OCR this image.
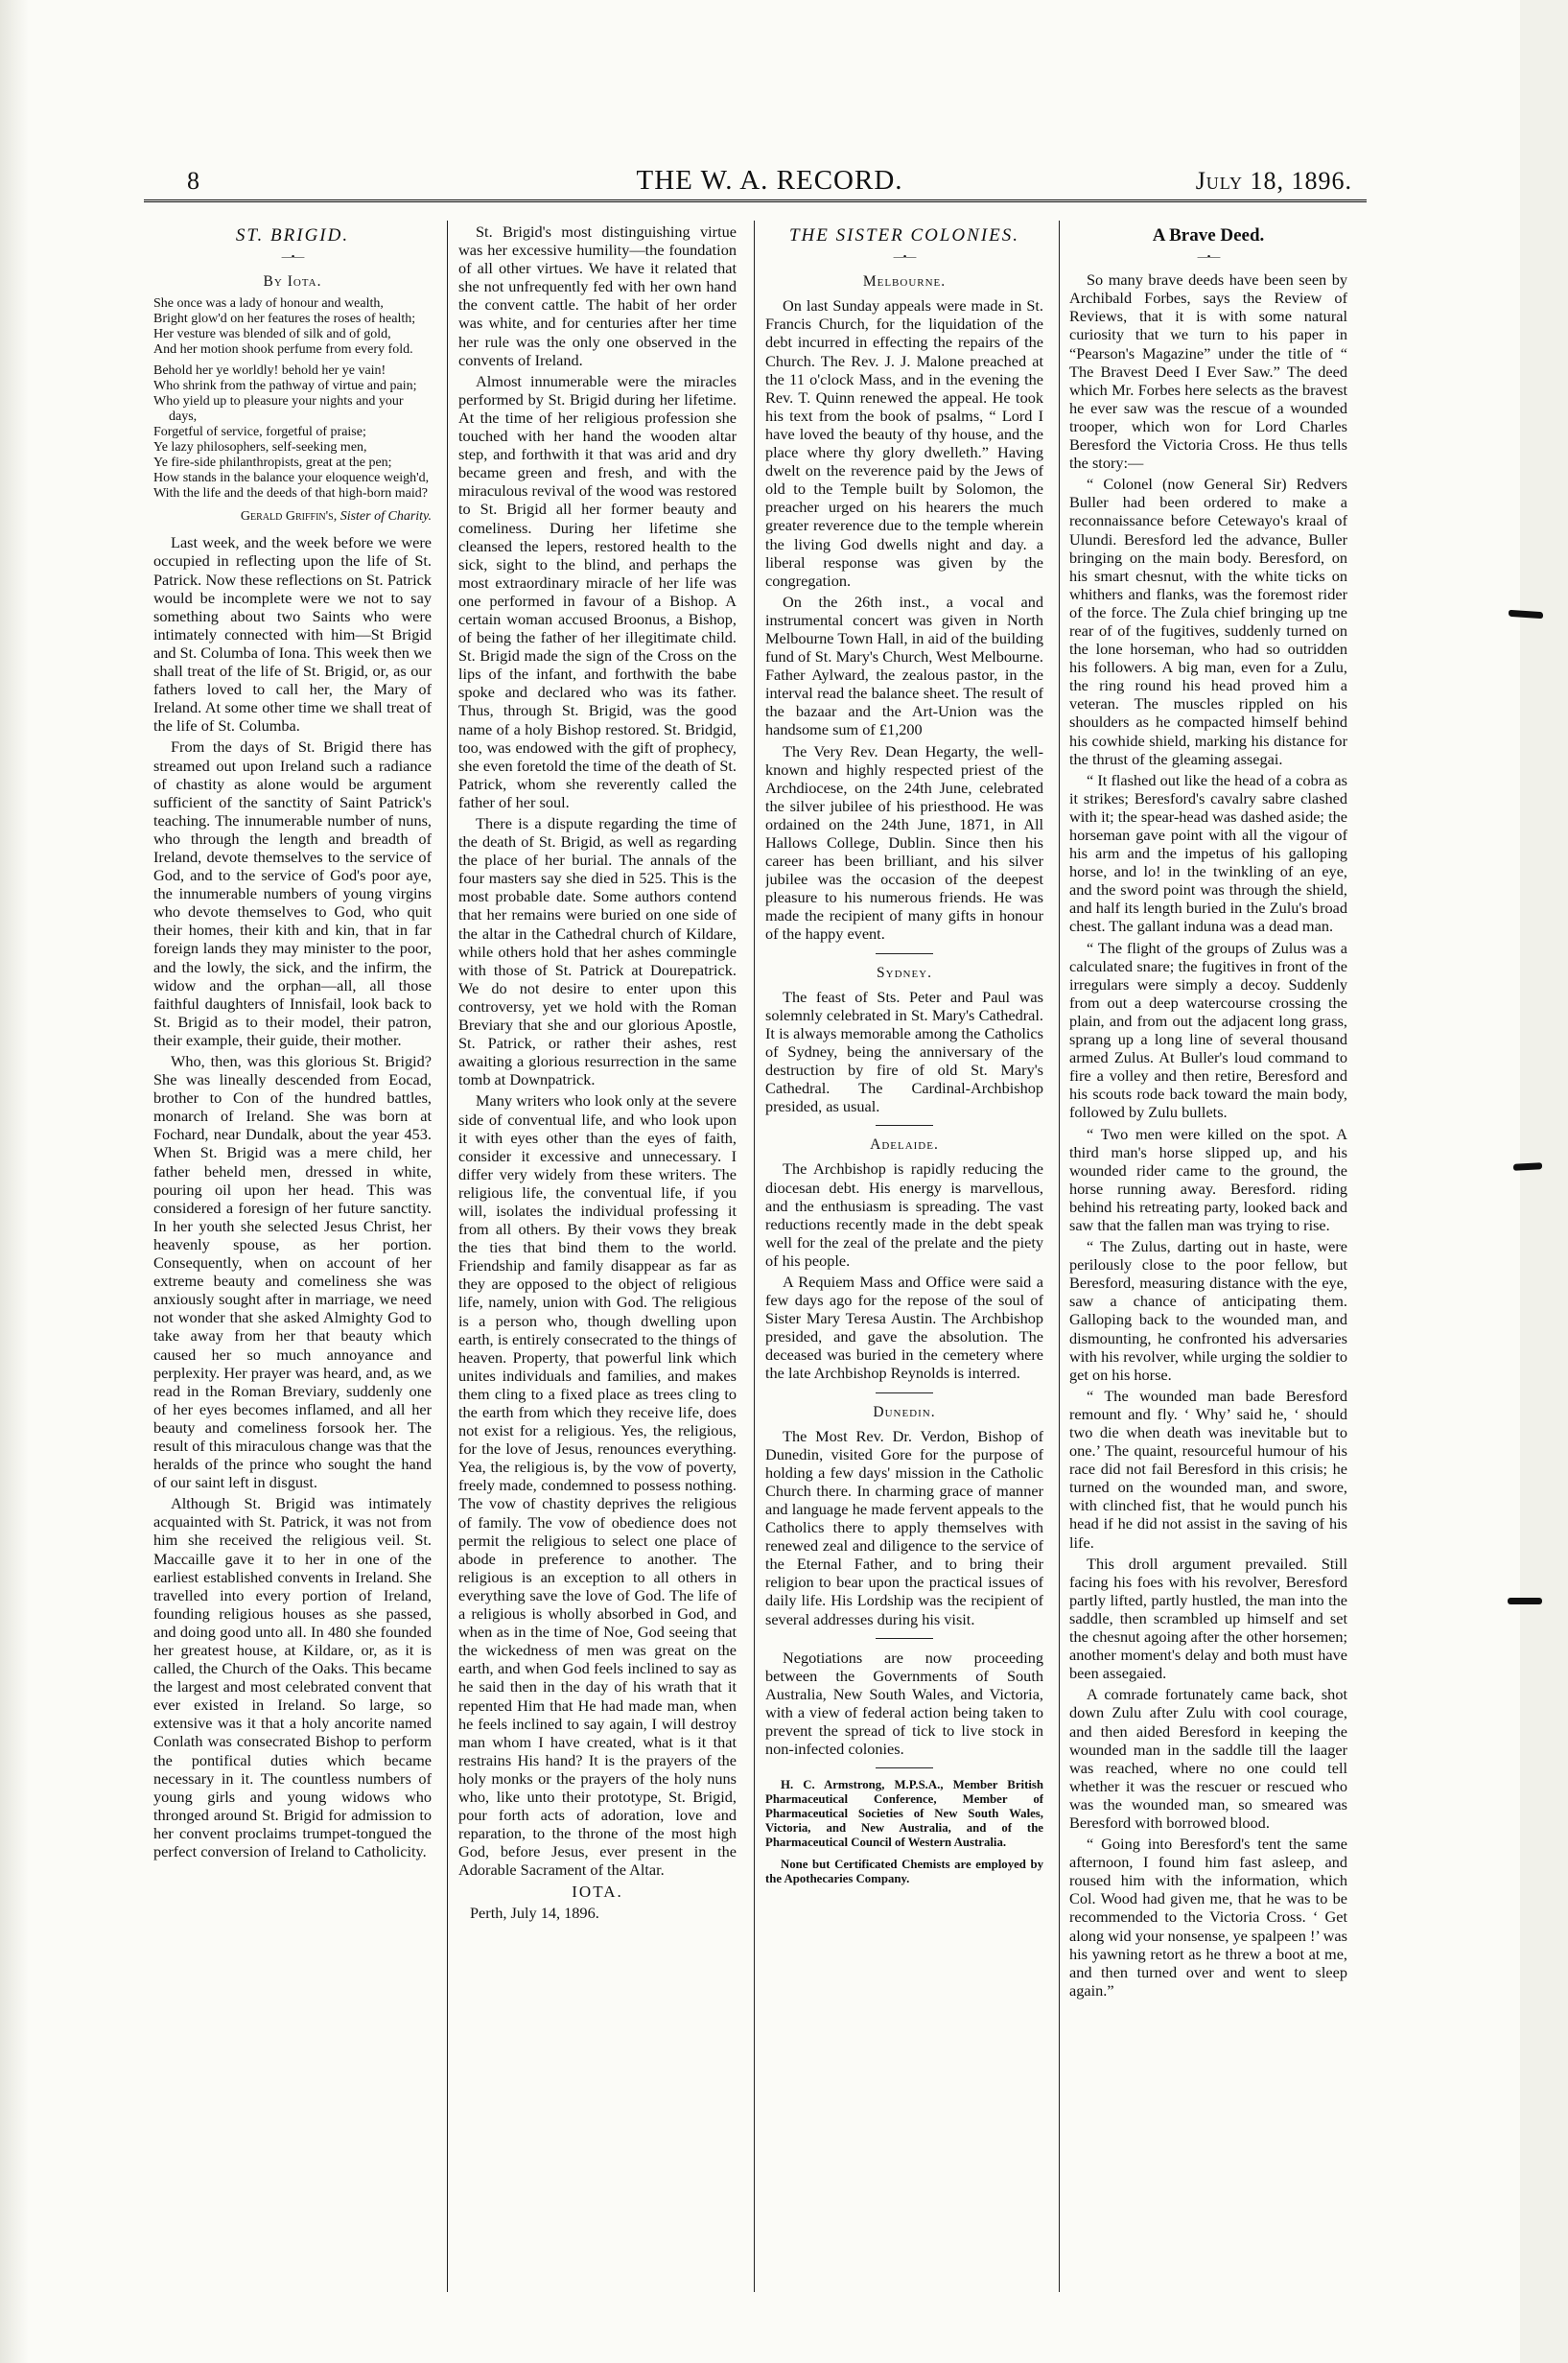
8	THE W. A. RECORD.	July 18, 1896.
ST. BRIGID.
—•—
By Iota.
She once was a lady of honour and wealth,
Bright glow'd on her features the roses of health;
Her vesture was blended of silk and of gold,
And her motion shook perfume from every fold.
Behold her ye worldly! behold her ye vain!
Who shrink from the pathway of virtue and pain;
Who yield up to pleasure your nights and your days,
Forgetful of service, forgetful of praise;
Ye lazy philosophers, self-seeking men,
Ye fire-side philanthropists, great at the pen;
How stands in the balance your eloquence weigh'd,
With the life and the deeds of that high-born maid?
Gerald Griffin's, Sister of Charity.

Last week, and the week before we were occupied in reflecting upon the life of St. Patrick. Now these reflections on St. Patrick would be incomplete were we not to say something about two Saints who were intimately connected with him—St Brigid and St. Columba of Iona. This week then we shall treat of the life of St. Brigid, or, as our fathers loved to call her, the Mary of Ireland. At some other time we shall treat of the life of St. Columba.

From the days of St. Brigid there has streamed out upon Ireland such a radiance of chastity as alone would be argument sufficient of the sanctity of Saint Patrick's teaching. The innumerable number of nuns, who through the length and breadth of Ireland, devote themselves to the service of God, and to the service of God's poor aye, the innumerable numbers of young virgins who devote themselves to God, who quit their homes, their kith and kin, that in far foreign lands they may minister to the poor, and the lowly, the sick, and the infirm, the widow and the orphan—all, all those faithful daughters of Innisfail, look back to St. Brigid as to their model, their patron, their example, their guide, their mother.

Who, then, was this glorious St. Brigid? She was lineally descended from Eocad, brother to Con of the hundred battles, monarch of Ireland. She was born at Fochard, near Dundalk, about the year 453. When St. Brigid was a mere child, her father beheld men, dressed in white, pouring oil upon her head. This was considered a foresign of her future sanctity. In her youth she selected Jesus Christ, her heavenly spouse, as her portion. Consequently, when on account of her extreme beauty and comeliness she was anxiously sought after in marriage, we need not wonder that she asked Almighty God to take away from her that beauty which caused her so much annoyance and perplexity. Her prayer was heard, and, as we read in the Roman Breviary, suddenly one of her eyes becomes inflamed, and all her beauty and comeliness forsook her. The result of this miraculous change was that the heralds of the prince who sought the hand of our saint left in disgust.

Although St. Brigid was intimately acquainted with St. Patrick, it was not from him she received the religious veil. St. Maccaille gave it to her in one of the earliest established convents in Ireland. She travelled into every portion of Ireland, founding religious houses as she passed, and doing good unto all. In 480 she founded her greatest house, at Kildare, or, as it is called, the Church of the Oaks. This became the largest and most celebrated convent that ever existed in Ireland. So large, so extensive was it that a holy ancorite named Conlath was consecrated Bishop to perform the pontifical duties which became necessary in it. The countless numbers of young girls and young widows who thronged around St. Brigid for admission to her convent proclaims trumpet-tongued the perfect conversion of Ireland to Catholicity.

St. Brigid's most distinguishing virtue was her excessive humility—the foundation of all other virtues. We have it related that she not unfrequently fed with her own hand the convent cattle. The habit of her order was white, and for centuries after her time her rule was the only one observed in the convents of Ireland.

Almost innumerable were the miracles performed by St. Brigid during her lifetime. At the time of her religious profession she touched with her hand the wooden altar step, and forthwith it that was arid and dry became green and fresh, and with the miraculous revival of the wood was restored to St. Brigid all her former beauty and comeliness. During her lifetime she cleansed the lepers, restored health to the sick, sight to the blind, and perhaps the most extraordinary miracle of her life was one performed in favour of a Bishop. A certain woman accused Broonus, a Bishop, of being the father of her illegitimate child. St. Brigid made the sign of the Cross on the lips of the infant, and forthwith the babe spoke and declared who was its father. Thus, through St. Brigid, was the good name of a holy Bishop restored. St. Bridgid, too, was endowed with the gift of prophecy, she even foretold the time of the death of St. Patrick, whom she reverently called the father of her soul.

There is a dispute regarding the time of the death of St. Brigid, as well as regarding the place of her burial. The annals of the four masters say she died in 525. This is the most probable date. Some authors contend that her remains were buried on one side of the altar in the Cathedral church of Kildare, while others hold that her ashes commingle with those of St. Patrick at Dourepatrick. We do not desire to enter upon this controversy, yet we hold with the Roman Breviary that she and our glorious Apostle, St. Patrick, or rather their ashes, rest awaiting a glorious resurrection in the same tomb at Downpatrick.

Many writers who look only at the severe side of conventual life, and who look upon it with eyes other than the eyes of faith, consider it excessive and unnecessary. I differ very widely from these writers. The religious life, the conventual life, if you will, isolates the individual professing it from all others. By their vows they break the ties that bind them to the world. Friendship and family disappear as far as they are opposed to the object of religious life, namely, union with God. The religious is a person who, though dwelling upon earth, is entirely consecrated to the things of heaven. Property, that powerful link which unites individuals and families, and makes them cling to a fixed place as trees cling to the earth from which they receive life, does not exist for a religious. Yes, the religious, for the love of Jesus, renounces everything. Yea, the religious is, by the vow of poverty, freely made, condemned to possess nothing. The vow of chastity deprives the religious of family. The vow of obedience does not permit the religious to select one place of abode in preference to another. The religious is an exception to all others in everything save the love of God. The life of a religious is wholly absorbed in God, and when as in the time of Noe, God seeing that the wickedness of men was great on the earth, and when God feels inclined to say as he said then in the day of his wrath that it repented Him that He had made man, when he feels inclined to say again, I will destroy man whom I have created, what is it that restrains His hand? It is the prayers of the holy monks or the prayers of the holy nuns who, like unto their prototype, St. Brigid, pour forth acts of adoration, love and reparation, to the throne of the most high God, before Jesus, ever present in the Adorable Sacrament of the Altar.

IOTA.
Perth, July 14, 1896.
THE SISTER COLONIES.
—•—
Melbourne.

On last Sunday appeals were made in St. Francis Church, for the liquidation of the debt incurred in effecting the repairs of the Church. The Rev. J. J. Malone preached at the 11 o'clock Mass, and in the evening the Rev. T. Quinn renewed the appeal. He took his text from the book of psalms, “ Lord I have loved the beauty of thy house, and the place where thy glory dwelleth.” Having dwelt on the reverence paid by the Jews of old to the Temple built by Solomon, the preacher urged on his hearers the much greater reverence due to the temple wherein the living God dwells night and day. a liberal response was given by the congregation.

On the 26th inst., a vocal and instrumental concert was given in North Melbourne Town Hall, in aid of the building fund of St. Mary's Church, West Melbourne. Father Aylward, the zealous pastor, in the interval read the balance sheet. The result of the bazaar and the Art-Union was the handsome sum of £1,200

The Very Rev. Dean Hegarty, the well-known and highly respected priest of the Archdiocese, on the 24th June, celebrated the silver jubilee of his priesthood. He was ordained on the 24th June, 1871, in All Hallows College, Dublin. Since then his career has been brilliant, and his silver jubilee was the occasion of the deepest pleasure to his numerous friends. He was made the recipient of many gifts in honour of the happy event.

Sydney.

The feast of Sts. Peter and Paul was solemnly celebrated in St. Mary's Cathedral. It is always memorable among the Catholics of Sydney, being the anniversary of the destruction by fire of old St. Mary's Cathedral. The Cardinal-Archbishop presided, as usual.

Adelaide.

The Archbishop is rapidly reducing the diocesan debt. His energy is marvellous, and the enthusiasm is spreading. The vast reductions recently made in the debt speak well for the zeal of the prelate and the piety of his people.

A Requiem Mass and Office were said a few days ago for the repose of the soul of Sister Mary Teresa Austin. The Archbishop presided, and gave the absolution. The deceased was buried in the cemetery where the late Archbishop Reynolds is interred.

Dunedin.

The Most Rev. Dr. Verdon, Bishop of Dunedin, visited Gore for the purpose of holding a few days' mission in the Catholic Church there. In charming grace of manner and language he made fervent appeals to the Catholics there to apply themselves with renewed zeal and diligence to the service of the Eternal Father, and to bring their religion to bear upon the practical issues of daily life. His Lordship was the recipient of several addresses during his visit.

Negotiations are now proceeding between the Governments of South Australia, New South Wales, and Victoria, with a view of federal action being taken to prevent the spread of tick to live stock in non-infected colonies.

H. C. Armstrong, M.P.S.A., Member British Pharmaceutical Conference, Member of Pharmaceutical Societies of New South Wales, Victoria, and New Australia, and of the Pharmaceutical Council of Western Australia.
None but Certificated Chemists are employed by the Apothecaries Company.
A Brave Deed.
—•—

So many brave deeds have been seen by Archibald Forbes, says the Review of Reviews, that it is with some natural curiosity that we turn to his paper in “Pearson's Magazine” under the title of “ The Bravest Deed I Ever Saw.” The deed which Mr. Forbes here selects as the bravest he ever saw was the rescue of a wounded trooper, which won for Lord Charles Beresford the Victoria Cross. He thus tells the story:—

“ Colonel (now General Sir) Redvers Buller had been ordered to make a reconnaissance before Cetewayo's kraal of Ulundi. Beresford led the advance, Buller bringing on the main body. Beresford, on his smart chesnut, with the white ticks on whithers and flanks, was the foremost rider of the force. The Zula chief bringing up tne rear of of the fugitives, suddenly turned on the lone horseman, who had so outridden his followers. A big man, even for a Zulu, the ring round his head proved him a veteran. The muscles rippled on his shoulders as he compacted himself behind his cowhide shield, marking his distance for the thrust of the gleaming assegai.

“ It flashed out like the head of a cobra as it strikes; Beresford's cavalry sabre clashed with it; the spear-head was dashed aside; the horseman gave point with all the vigour of his arm and the impetus of his galloping horse, and lo! in the twinkling of an eye, and the sword point was through the shield, and half its length buried in the Zulu's broad chest. The gallant induna was a dead man.

“ The flight of the groups of Zulus was a calculated snare; the fugitives in front of the irregulars were simply a decoy. Suddenly from out a deep watercourse crossing the plain, and from out the adjacent long grass, sprang up a long line of several thousand armed Zulus. At Buller's loud command to fire a volley and then retire, Beresford and his scouts rode back toward the main body, followed by Zulu bullets.

“ Two men were killed on the spot. A third man's horse slipped up, and his wounded rider came to the ground, the horse running away. Beresford. riding behind his retreating party, looked back and saw that the fallen man was trying to rise.

“ The Zulus, darting out in haste, were perilously close to the poor fellow, but Beresford, measuring distance with the eye, saw a chance of anticipating them. Galloping back to the wounded man, and dismounting, he confronted his adversaries with his revolver, while urging the soldier to get on his horse.

“ The wounded man bade Beresford remount and fly. ‘ Why’ said he, ‘ should two die when death was inevitable but to one.’ The quaint, resourceful humour of his race did not fail Beresford in this crisis; he turned on the wounded man, and swore, with clinched fist, that he would punch his head if he did not assist in the saving of his life.

This droll argument prevailed. Still facing his foes with his revolver, Beresford partly lifted, partly hustled, the man into the saddle, then scrambled up himself and set the chesnut agoing after the other horsemen; another moment's delay and both must have been assegaied.

A comrade fortunately came back, shot down Zulu after Zulu with cool courage, and then aided Beresford in keeping the wounded man in the saddle till the laager was reached, where no one could tell whether it was the rescuer or rescued who was the wounded man, so smeared was Beresford with borrowed blood.

“ Going into Beresford's tent the same afternoon, I found him fast asleep, and roused him with the information, which Col. Wood had given me, that he was to be recommended to the Victoria Cross. ‘ Get along wid your nonsense, ye spalpeen !’ was his yawning retort as he threw a boot at me, and then turned over and went to sleep again.”
